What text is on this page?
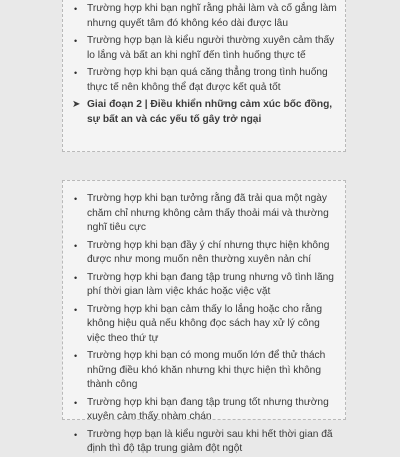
• Trường hợp khi bạn nghĩ rằng phải làm và cố gắng làm nhưng quyết tâm đó không kéo dài được lâu
• Trường hợp bạn là kiểu người thường xuyên cảm thấy lo lắng và bất an khi nghĩ đến tình huống thực tế
• Trường hợp khi bạn quá căng thẳng trong tình huống thực tế nên không thể đạt được kết quả tốt
➤ Giai đoạn 2 | Điều khiển những cảm xúc bốc đồng, sự bất an và các yếu tố gây trở ngại
• Trường hợp khi bạn tưởng rằng đã trải qua một ngày chăm chỉ nhưng không cảm thấy thoải mái và thường nghĩ tiêu cực
• Trường hợp khi bạn đầy ý chí nhưng thực hiện không được như mong muốn nên thường xuyên nản chí
• Trường hợp khi bạn đang tập trung nhưng vô tình lãng phí thời gian làm việc khác hoặc việc vặt
• Trường hợp khi bạn cảm thấy lo lắng hoặc cho rằng không hiệu quả nếu không đọc sách hay xử lý công việc theo thứ tự
• Trường hợp khi bạn có mong muốn lớn để thử thách những điều khó khăn nhưng khi thực hiện thì không thành công
• Trường hợp khi bạn đang tập trung tốt nhưng thường xuyên cảm thấy nhàm chán
• Trường hợp bạn là kiểu người sau khi hết thời gian đã định thì độ tập trung giảm đột ngột
